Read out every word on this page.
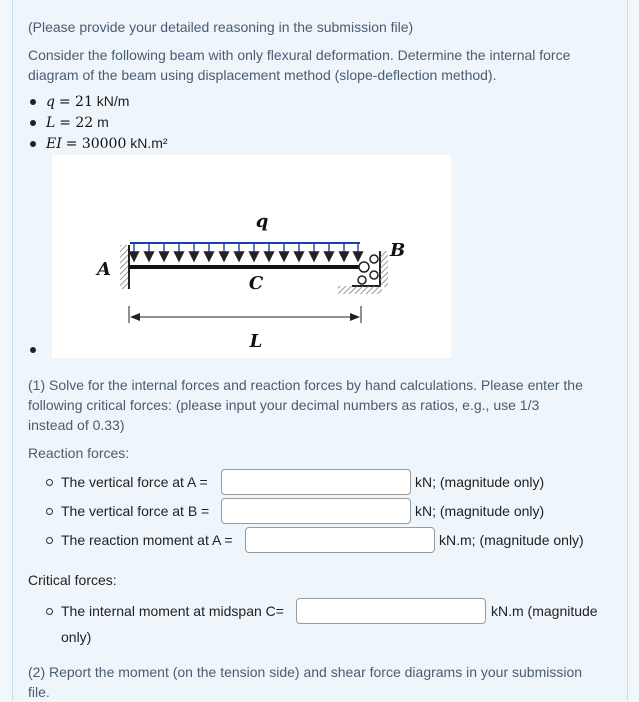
(Please provide your detailed reasoning in the submission file)
Consider the following beam with only flexural deformation. Determine the internal force
diagram of the beam using displacement method (slope-deflection method).
q = 21 kN/m
L = 22 m
EI = 30000 kN.m²
q
A
B
C
L
(1) Solve for the internal forces and reaction forces by hand calculations. Please enter the
following critical forces: (please input your decimal numbers as ratios, e.g., use 1/3
instead of 0.33)
Reaction forces:
The vertical force at A =	kN; (magnitude only)
The vertical force at B =	kN; (magnitude only)
The reaction moment at A =	kN.m; (magnitude only)
Critical forces:
The internal moment at midspan C=	kN.m (magnitude
only)
(2) Report the moment (on the tension side) and shear force diagrams in your submission
file.
